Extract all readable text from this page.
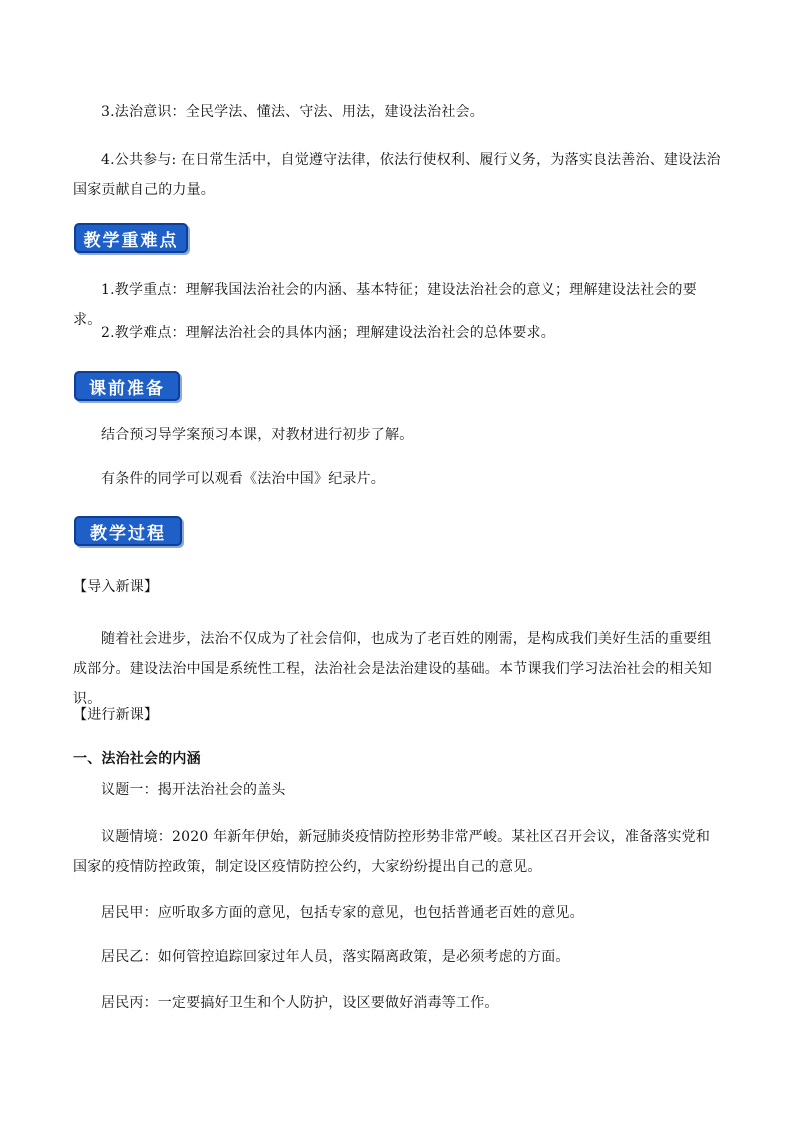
3.法治意识：全民学法、懂法、守法、用法，建设法治社会。

4.公共参与: 在日常生活中，自觉遵守法律，依法行使权利、履行义务，为落实良法善治、建设法治国家贡献自己的力量。

教学重难点

1.教学重点：理解我国法治社会的内涵、基本特征；建设法治社会的意义；理解建设法社会的要求。

2.教学难点：理解法治社会的具体内涵；理解建设法治社会的总体要求。

课前准备

结合预习导学案预习本课，对教材进行初步了解。

有条件的同学可以观看《法治中国》纪录片。

教学过程

【导入新课】

随着社会进步，法治不仅成为了社会信仰，也成为了老百姓的刚需，是构成我们美好生活的重要组成部分。建设法治中国是系统性工程，法治社会是法治建设的基础。本节课我们学习法治社会的相关知识。

【进行新课】

一、法治社会的内涵

议题一：揭开法治社会的盖头

议题情境：2020 年新年伊始，新冠肺炎疫情防控形势非常严峻。某社区召开会议，准备落实党和国家的疫情防控政策，制定设区疫情防控公约，大家纷纷提出自己的意见。

居民甲：应听取多方面的意见，包括专家的意见，也包括普通老百姓的意见。

居民乙：如何管控追踪回家过年人员，落实隔离政策，是必须考虑的方面。

居民丙：一定要搞好卫生和个人防护，设区要做好消毒等工作。
